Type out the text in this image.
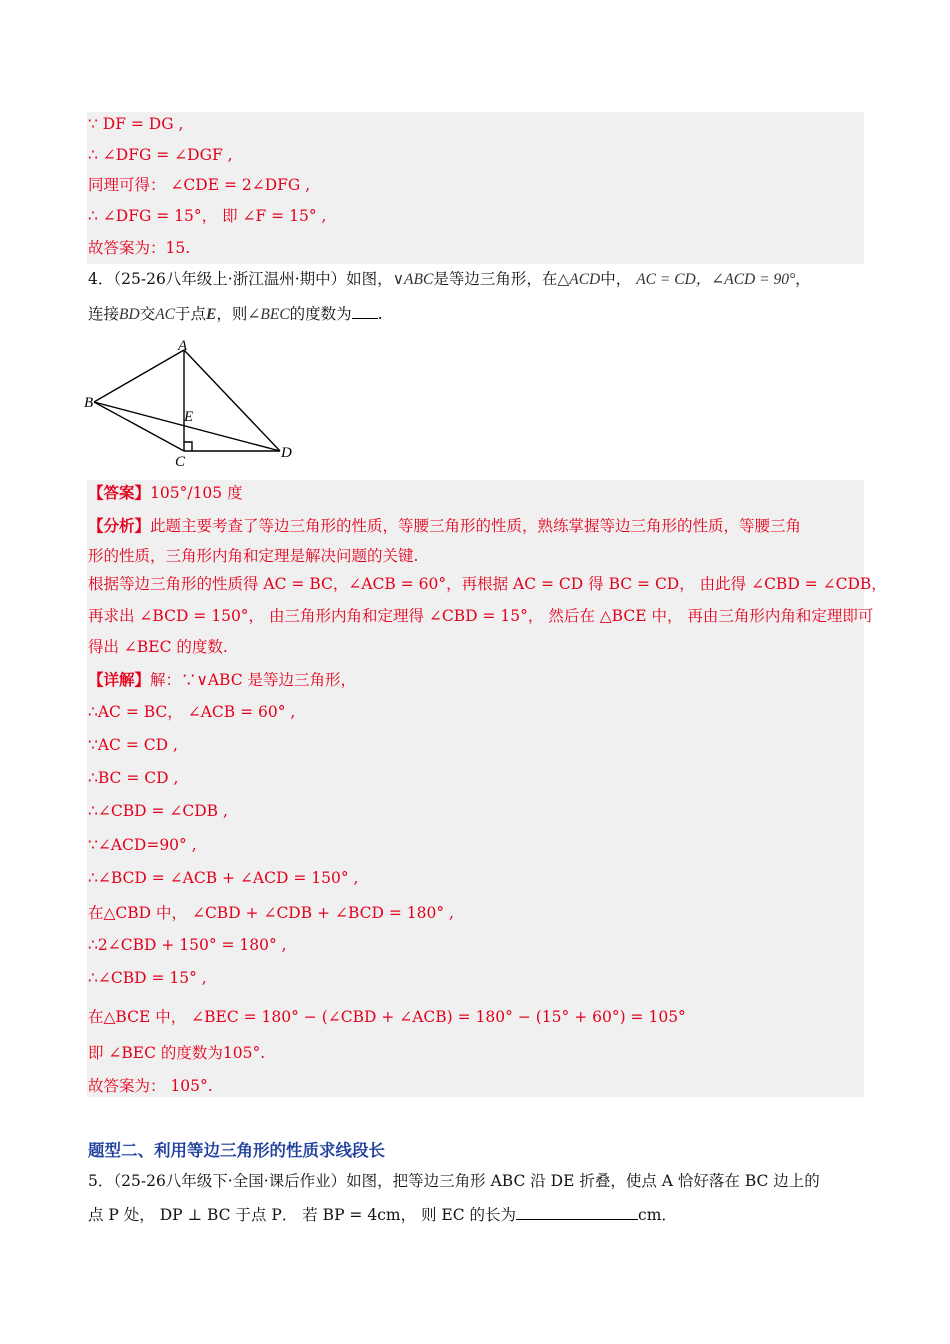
∵ DF = DG ,
∴ ∠DFG = ∠DGF ,
同理可得： ∠CDE = 2∠DFG ,
∴ ∠DFG = 15°， 即 ∠F = 15° ,
故答案为：15.
4．（25-26八年级上·浙江温州·期中）如图，∨ABC是等边三角形，在△ACD中， AC = CD，∠ACD = 90°，
连接BD交AC于点E，则∠BEC的度数为 .
A
B
E
C
D
【答案】105°/105 度
【分析】此题主要考查了等边三角形的性质，等腰三角形的性质，熟练掌握等边三角形的性质，等腰三角
形的性质，三角形内角和定理是解决问题的关键.
根据等边三角形的性质得 AC = BC，∠ACB = 60°，再根据 AC = CD 得 BC = CD， 由此得 ∠CBD = ∠CDB，
再求出 ∠BCD = 150°， 由三角形内角和定理得 ∠CBD = 15°， 然后在 △BCE 中， 再由三角形内角和定理即可
得出 ∠BEC 的度数.
【详解】解：∵∨ABC 是等边三角形，
∴AC = BC， ∠ACB = 60° ,
∵AC = CD ,
∴BC = CD ,
∴∠CBD = ∠CDB ,
∵∠ACD=90° ,
∴∠BCD = ∠ACB + ∠ACD = 150° ,
在△CBD 中， ∠CBD + ∠CDB + ∠BCD = 180° ,
∴2∠CBD + 150° = 180° ,
∴∠CBD = 15° ,
在△BCE 中， ∠BEC = 180° − (∠CBD + ∠ACB) = 180° − (15° + 60°) = 105°
即 ∠BEC 的度数为105°.
故答案为： 105°.
题型二、利用等边三角形的性质求线段长
5．（25-26八年级下·全国·课后作业）如图，把等边三角形 ABC 沿 DE 折叠，使点 A 恰好落在 BC 边上的
点 P 处， DP ⊥ BC 于点 P． 若 BP = 4cm， 则 EC 的长为	cm．
